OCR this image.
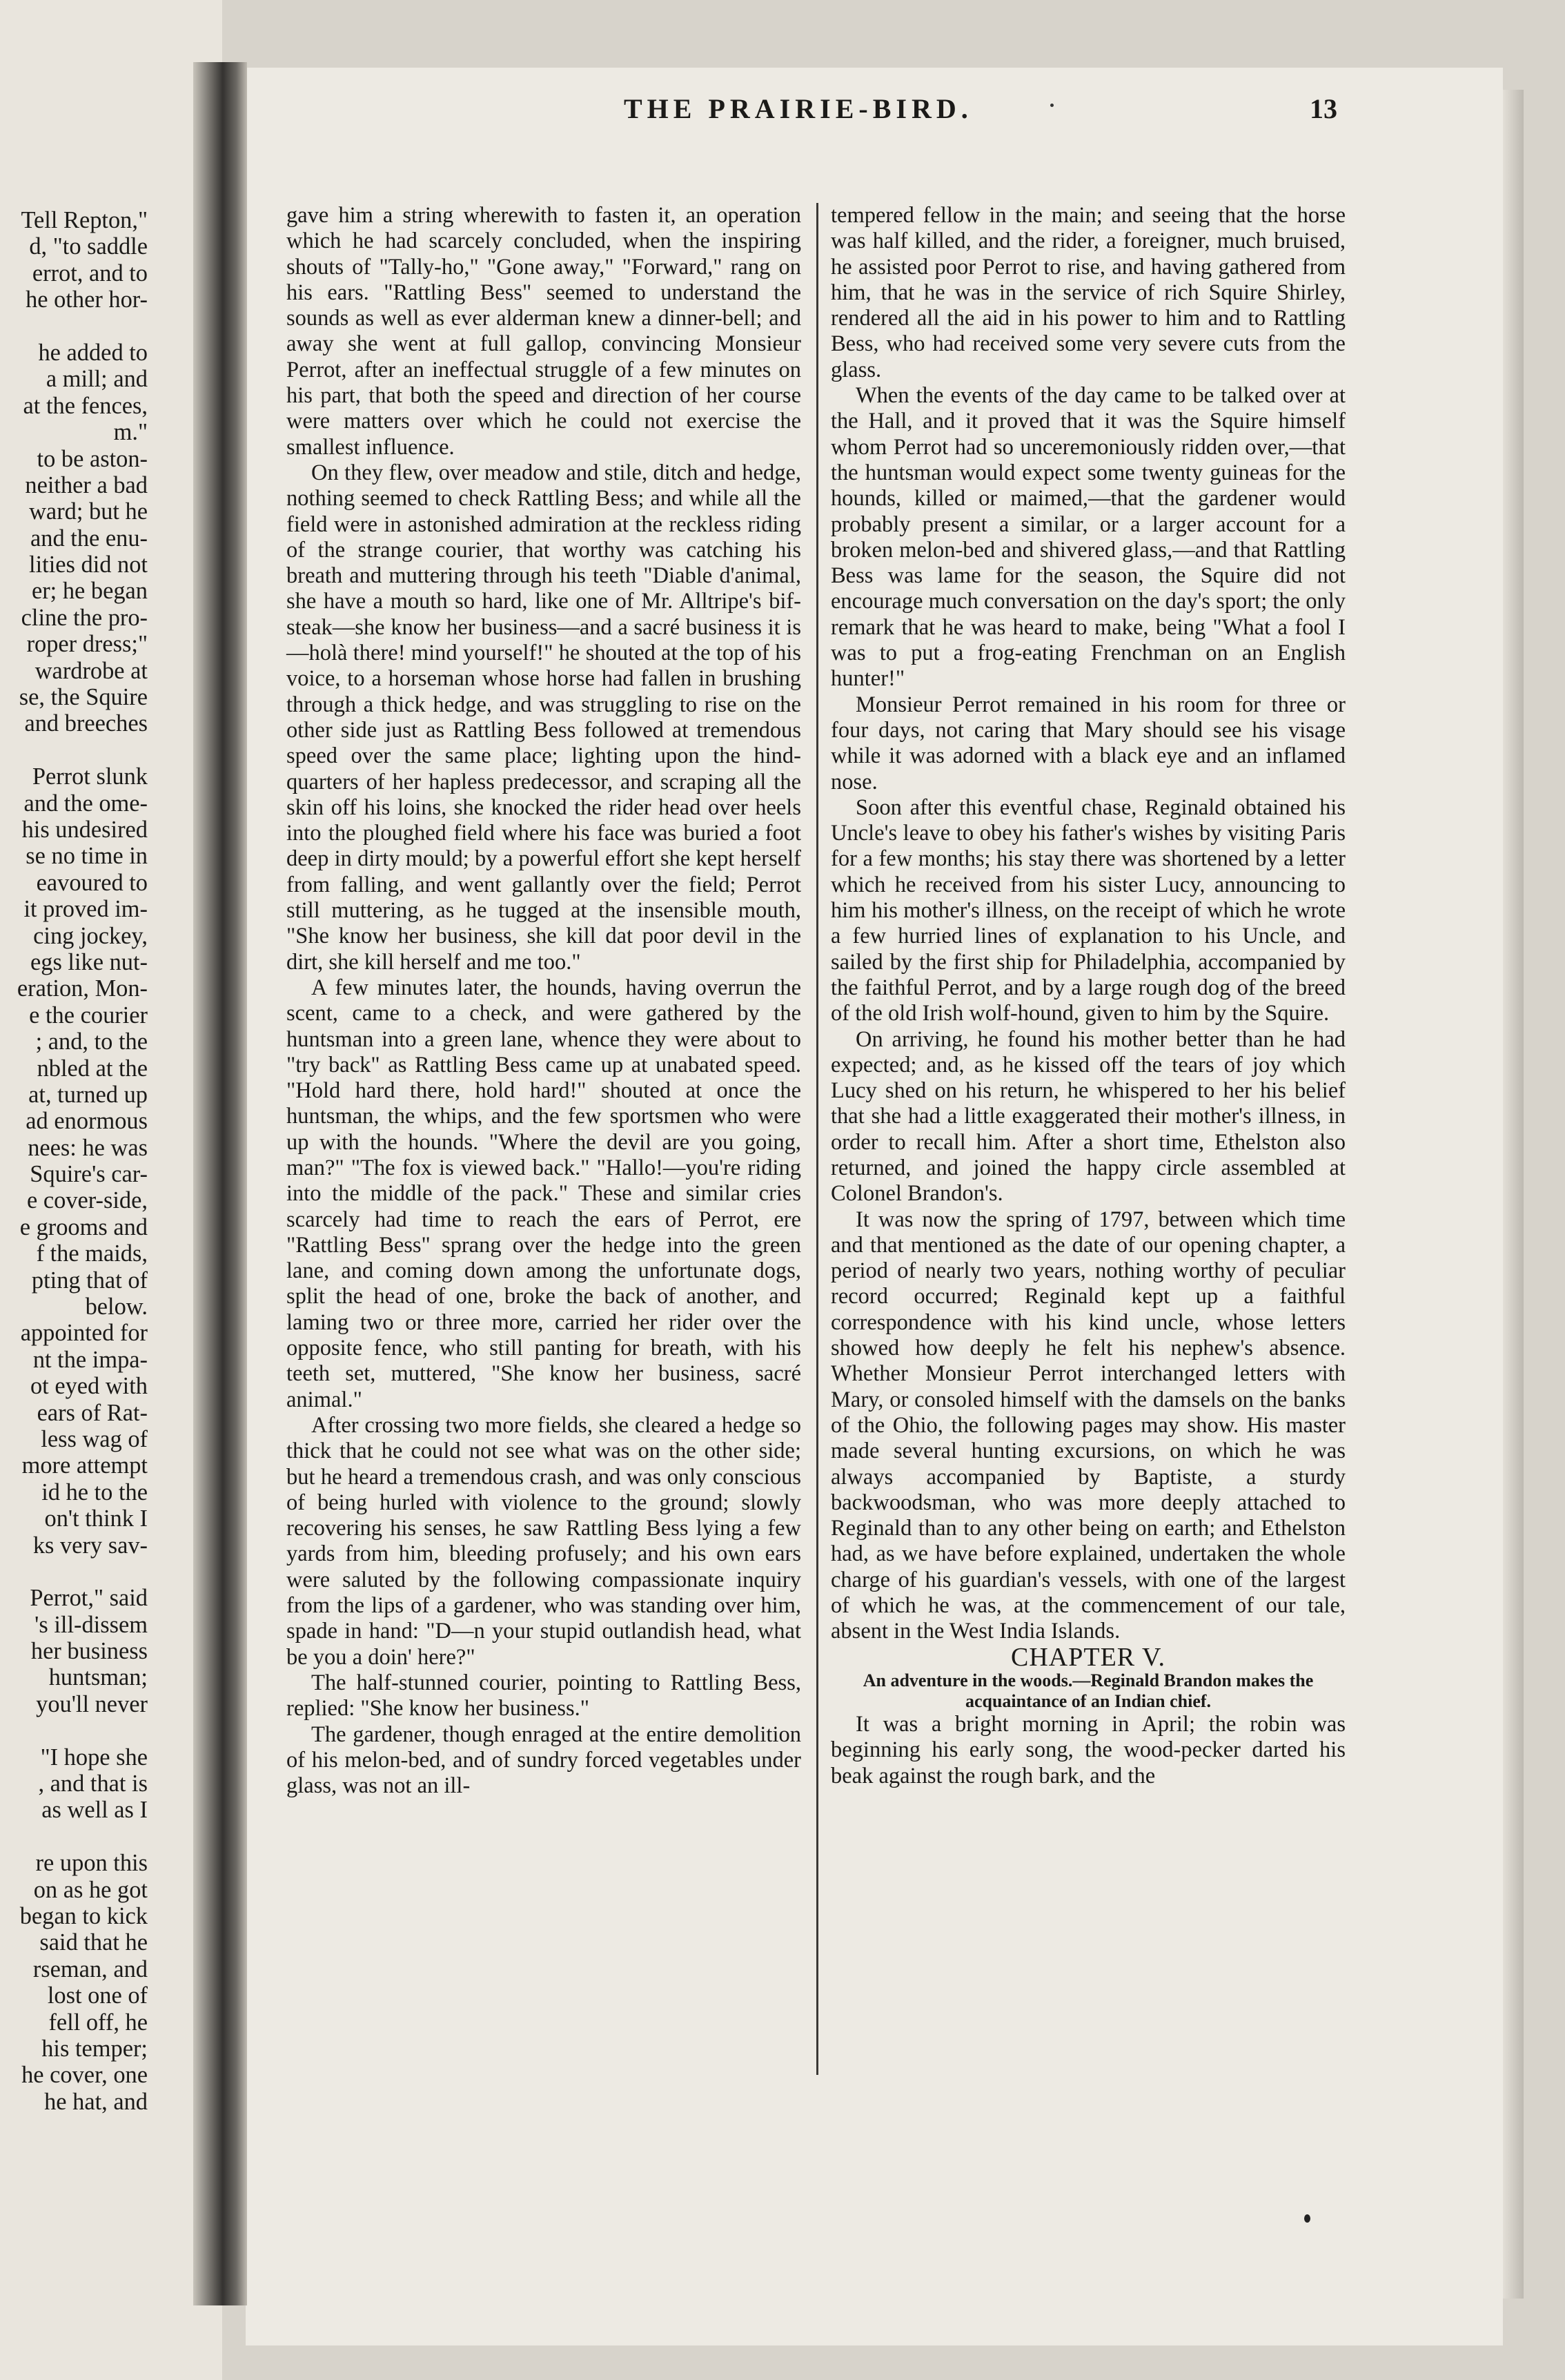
Tell Repton,"
d, "to saddle
errot, and to
he other hor-
he added to
a mill; and
at the fences,
m."
to be aston-
neither a bad
ward; but he
and the enu-
lities did not
er; he began
cline the pro-
roper dress;"
wardrobe at
se, the Squire
and breeches
Perrot slunk
and the ome-
his undesired
se no time in
eavoured to
it proved im-
cing jockey,
egs like nut-
eration, Mon-
e the courier
; and, to the
nbled at the
at, turned up
ad enormous
nees: he was
Squire's car-
e cover-side,
e grooms and
f the maids,
pting that of
below.
appointed for
nt the impa-
ot eyed with
ears of Rat-
less wag of
more attempt
id he to the
on't think I
ks very sav-
Perrot," said
's ill-dissem
her business
huntsman;
you'll never
"I hope she
, and that is
as well as I
re upon this
on as he got
began to kick
said that he
rseman, and
lost one of
fell off, he
his temper;
he cover, one
he hat, and
THE PRAIRIE-BIRD.	13

gave him a string wherewith to fasten it, an operation which he had scarcely concluded, when the inspiring shouts of "Tally-ho," "Gone away," "Forward," rang on his ears. "Rattling Bess" seemed to understand the sounds as well as ever alderman knew a dinner-bell; and away she went at full gallop, convincing Monsieur Perrot, after an ineffectual struggle of a few minutes on his part, that both the speed and direction of her course were matters over which he could not exercise the smallest influence.

On they flew, over meadow and stile, ditch and hedge, nothing seemed to check Rattling Bess; and while all the field were in astonished admiration at the reckless riding of the strange courier, that worthy was catching his breath and muttering through his teeth "Diable d'animal, she have a mouth so hard, like one of Mr. Alltripe's bif-steak—she know her business—and a sacré business it is—holà there! mind yourself!" he shouted at the top of his voice, to a horseman whose horse had fallen in brushing through a thick hedge, and was struggling to rise on the other side just as Rattling Bess followed at tremendous speed over the same place; lighting upon the hind-quarters of her hapless predecessor, and scraping all the skin off his loins, she knocked the rider head over heels into the ploughed field where his face was buried a foot deep in dirty mould; by a powerful effort she kept herself from falling, and went gallantly over the field; Perrot still muttering, as he tugged at the insensible mouth, "She know her business, she kill dat poor devil in the dirt, she kill herself and me too."

A few minutes later, the hounds, having overrun the scent, came to a check, and were gathered by the huntsman into a green lane, whence they were about to "try back" as Rattling Bess came up at unabated speed. "Hold hard there, hold hard!" shouted at once the huntsman, the whips, and the few sportsmen who were up with the hounds. "Where the devil are you going, man?" "The fox is viewed back." "Hallo!—you're riding into the middle of the pack." These and similar cries scarcely had time to reach the ears of Perrot, ere "Rattling Bess" sprang over the hedge into the green lane, and coming down among the unfortunate dogs, split the head of one, broke the back of another, and laming two or three more, carried her rider over the opposite fence, who still panting for breath, with his teeth set, muttered, "She know her business, sacré animal."

After crossing two more fields, she cleared a hedge so thick that he could not see what was on the other side; but he heard a tremendous crash, and was only conscious of being hurled with violence to the ground; slowly recovering his senses, he saw Rattling Bess lying a few yards from him, bleeding profusely; and his own ears were saluted by the following compassionate inquiry from the lips of a gardener, who was standing over him, spade in hand: "D—n your stupid outlandish head, what be you a doin' here?"

The half-stunned courier, pointing to Rattling Bess, replied: "She know her business."

The gardener, though enraged at the entire demolition of his melon-bed, and of sundry forced vegetables under glass, was not an ill-

tempered fellow in the main; and seeing that the horse was half killed, and the rider, a foreigner, much bruised, he assisted poor Perrot to rise, and having gathered from him, that he was in the service of rich Squire Shirley, rendered all the aid in his power to him and to Rattling Bess, who had received some very severe cuts from the glass.

When the events of the day came to be talked over at the Hall, and it proved that it was the Squire himself whom Perrot had so unceremoniously ridden over,—that the huntsman would expect some twenty guineas for the hounds, killed or maimed,—that the gardener would probably present a similar, or a larger account for a broken melon-bed and shivered glass,—and that Rattling Bess was lame for the season, the Squire did not encourage much conversation on the day's sport; the only remark that he was heard to make, being "What a fool I was to put a frog-eating Frenchman on an English hunter!"

Monsieur Perrot remained in his room for three or four days, not caring that Mary should see his visage while it was adorned with a black eye and an inflamed nose.

Soon after this eventful chase, Reginald obtained his Uncle's leave to obey his father's wishes by visiting Paris for a few months; his stay there was shortened by a letter which he received from his sister Lucy, announcing to him his mother's illness, on the receipt of which he wrote a few hurried lines of explanation to his Uncle, and sailed by the first ship for Philadelphia, accompanied by the faithful Perrot, and by a large rough dog of the breed of the old Irish wolf-hound, given to him by the Squire.

On arriving, he found his mother better than he had expected; and, as he kissed off the tears of joy which Lucy shed on his return, he whispered to her his belief that she had a little exaggerated their mother's illness, in order to recall him. After a short time, Ethelston also returned, and joined the happy circle assembled at Colonel Brandon's.

It was now the spring of 1797, between which time and that mentioned as the date of our opening chapter, a period of nearly two years, nothing worthy of peculiar record occurred; Reginald kept up a faithful correspondence with his kind uncle, whose letters showed how deeply he felt his nephew's absence. Whether Monsieur Perrot interchanged letters with Mary, or consoled himself with the damsels on the banks of the Ohio, the following pages may show. His master made several hunting excursions, on which he was always accompanied by Baptiste, a sturdy backwoodsman, who was more deeply attached to Reginald than to any other being on earth; and Ethelston had, as we have before explained, undertaken the whole charge of his guardian's vessels, with one of the largest of which he was, at the commencement of our tale, absent in the West India Islands.

CHAPTER V.

An adventure in the woods.—Reginald Brandon makes the acquaintance of an Indian chief.

It was a bright morning in April; the robin was beginning his early song, the wood-pecker darted his beak against the rough bark, and the
